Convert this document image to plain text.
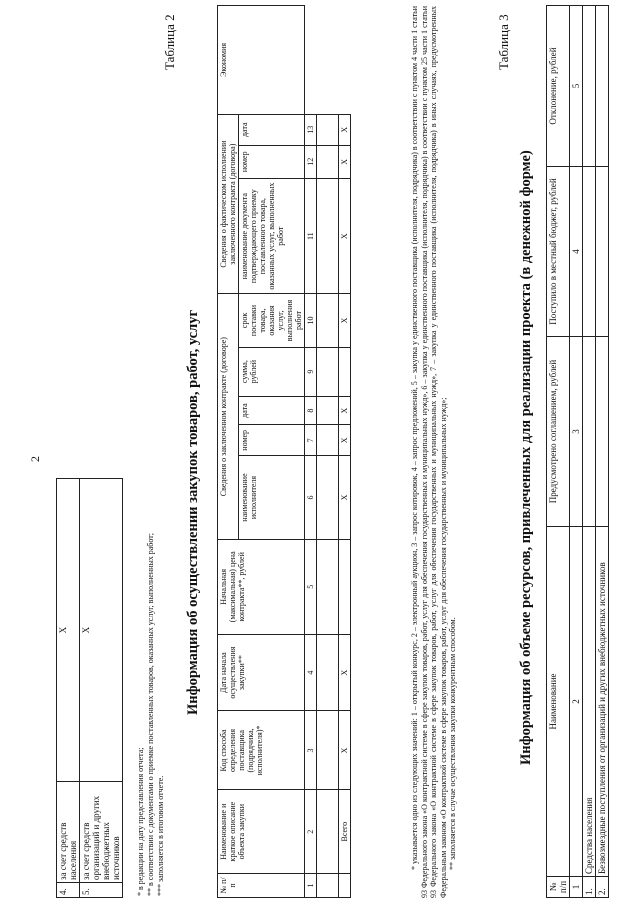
2
4.	за счет средств населения	X
5.	за счет средств организаций и других внебюджетных источников	X
* в редакции на дату представления отчета; ** в соответствии с документами о приемке поставленных товаров, оказанных услуг, выполненных работ; *** заполняется в итоговом отчете.
Таблица 2
Информация об осуществлении закупок товаров, работ, услуг
№ п/п	Наименование и краткое описание объекта закупки	Код способа определения поставщика (подрядчика, исполнителя)*	Дата начала осуществления закупки**	Начальная (максимальная) цена контракта**, рублей	Сведения о заключенном контракте (договоре)					Сведения о фактическом исполнении заключенного контракта (договора)			Экономия
					наименование исполнителя	номер	дата	сумма, рублей	срок поставки товара, оказания услуг, выполнения работ	наименование документа подтверждающего приемку поставленного товара, оказанных услуг, выполненных работ	номер	дата	

1	2	3	4	5	6	7	8	9	10	11	12	13	

	Всего	X	X		X	X	X		X	X	X	X		* указывается одно из следующих значений: 1 – открытый конкурс, 2 – электронный аукцион, 3 – запрос котировок, 4 – запрос предложений, 5 – закупка у единственного поставщика (исполнителя, подрядчика) в соответствии с пунктом 4 части 1 статьи 93 Федерального закона «О контрактной системе в сфере закупок товаров, работ, услуг для обеспечения государственных и муниципальных нужд», 6 – закупка у единственного поставщика (исполнителя, подрядчика) в соответствии с пунктом 25 части 1 статьи 93 Федерального закона «О контрактной системе в сфере закупок товаров, работ, услуг для обеспечения государственных и муниципальных нужд», 7 – закупка у единственного поставщика (исполнителя, подрядчика) в иных случаях, предусмотренных Федеральным законом «О контрактной системе в сфере закупок товаров, работ, услуг для обеспечения государственных и муниципальных нужд»; ** заполняется в случае осуществления закупки конкурентным способом.
Таблица 3
Информация об объеме ресурсов, привлеченных для реализации проекта (в денежной форме)
№ п/п	Наименование	Предусмотрено соглашением, рублей	Поступило в местный бюджет, рублей	Отклонение, рублей
1	2	3	4	5
1.	Средства населения			
2.	Безвозмездные поступления от организаций и других внебюджетных источников			
